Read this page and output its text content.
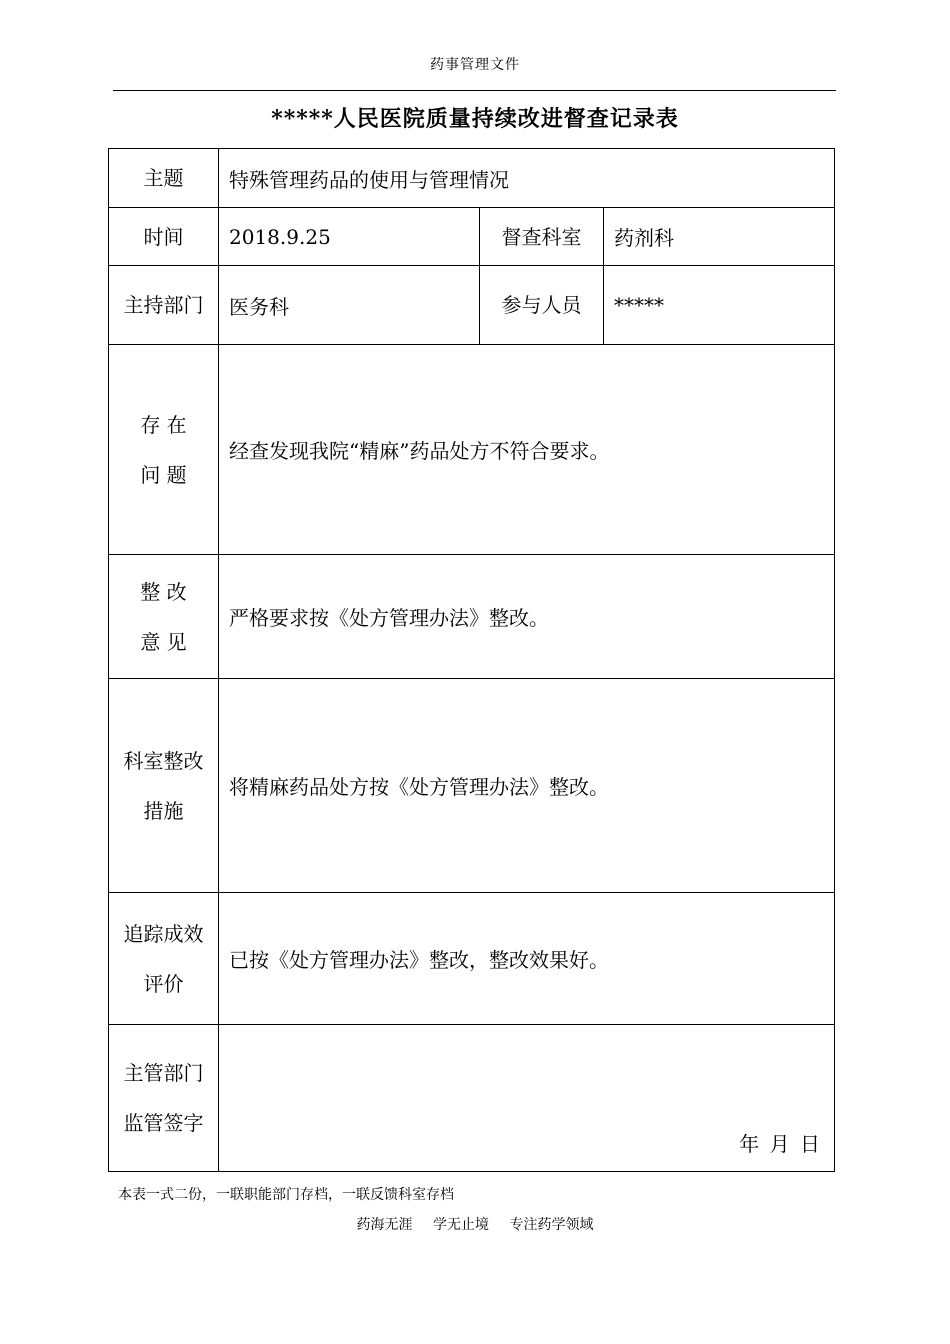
药事管理文件
*****人民医院质量持续改进督查记录表
主题	特殊管理药品的使用与管理情况		
时间	2018.9.25	督查科室	药剂科
主持部门	医务科	参与人员	*****

存 在
问 题	经查发现我院“精麻”药品处方不符合要求。		

整 改
意 见	严格要求按《处方管理办法》整改。		

科室整改
措施	将精麻药品处方按《处方管理办法》整改。		

追踪成效
评价	已按《处方管理办法》整改，整改效果好。		

主管部门
监管签字	年 月 日		
本表一式二份，一联职能部门存档，一联反馈科室存档
药海无涯 学无止境 专注药学领域
